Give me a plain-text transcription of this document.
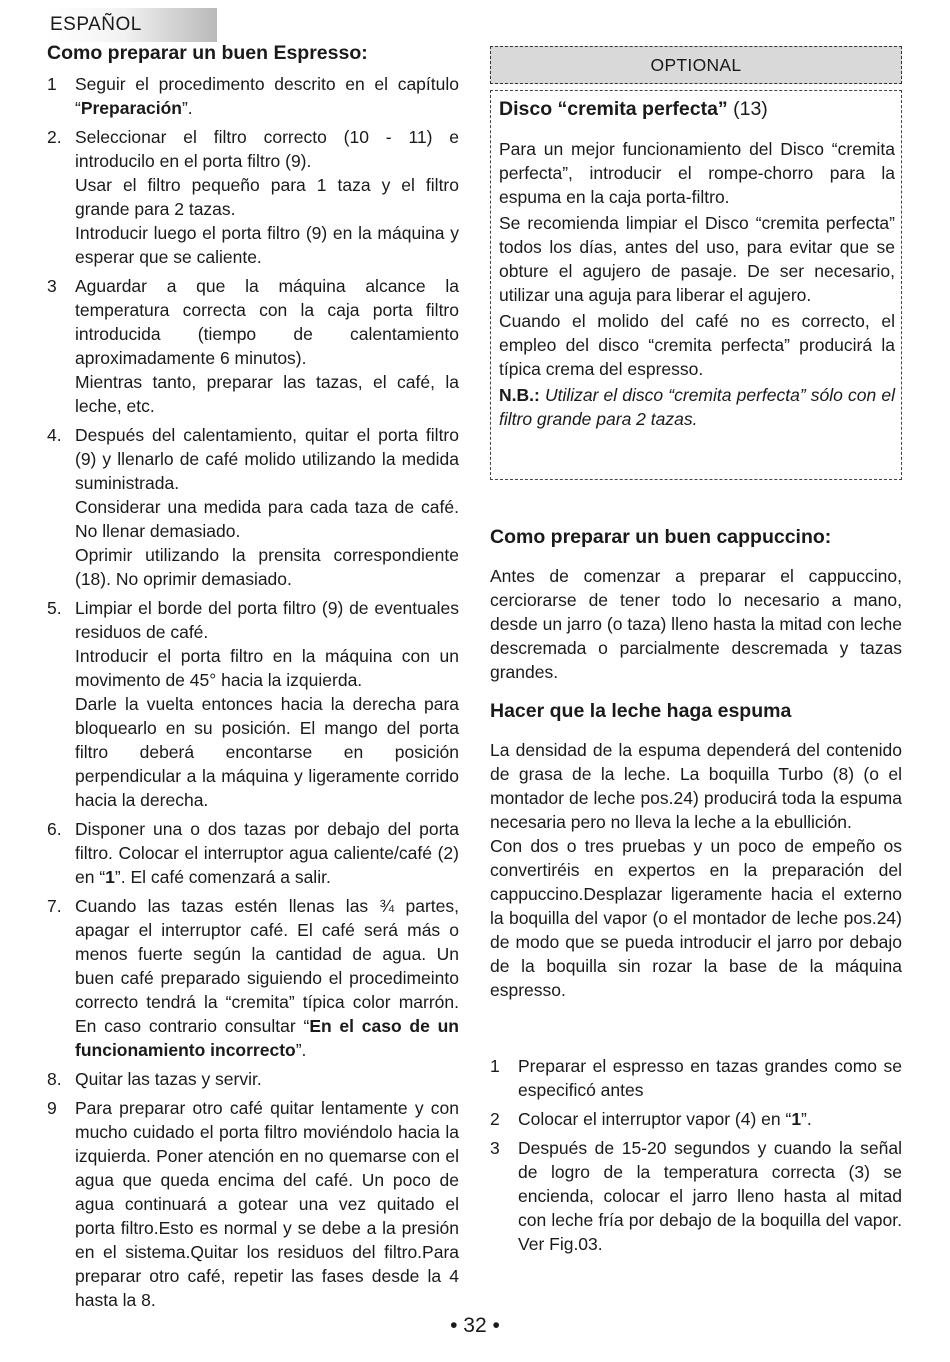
ESPAÑOL
Como preparar un buen Espresso:
1 Seguir el procedimento descrito en el capítulo “Preparación”.

2. Seleccionar el filtro correcto (10 - 11) e introducilo en el porta filtro (9).

Usar el filtro pequeño para 1 taza y el filtro grande para 2 tazas.

Introducir luego el porta filtro (9) en la máquina y esperar que se caliente.

3 Aguardar a que la máquina alcance la temperatura correcta con la caja porta filtro introducida (tiempo de calentamiento aproximadamente 6 minutos).

Mientras tanto, preparar las tazas, el café, la leche, etc.

4. Después del calentamiento, quitar el porta filtro (9) y llenarlo de café molido utilizando la medida suministrada.

Considerar una medida para cada taza de café. No llenar demasiado.

Oprimir utilizando la prensita correspondiente (18). No oprimir demasiado.

5. Limpiar el borde del porta filtro (9) de eventuales residuos de café.

Introducir el porta filtro en la máquina con un movimento de 45° hacia la izquierda.

Darle la vuelta entonces hacia la derecha para bloquearlo en su posición. El mango del porta filtro deberá encontarse en posición perpendicular a la máquina y ligeramente corrido hacia la derecha.

6. Disponer una o dos tazas por debajo del porta filtro. Colocar el interruptor agua caliente/café (2) en “1”. El café comenzará a salir.

7. Cuando las tazas estén llenas las ¾ partes, apagar el interruptor café. El café será más o menos fuerte según la cantidad de agua. Un buen café preparado siguiendo el procedimeinto correcto tendrá la “cremita” típica color marrón. En caso contrario consultar “En el caso de un funcionamiento incorrecto”.

8. Quitar las tazas y servir.

9 Para preparar otro café quitar lentamente y con mucho cuidado el porta filtro moviéndolo hacia la izquierda. Poner atención en no quemarse con el agua que queda encima del café. Un poco de agua continuará a gotear una vez quitado el porta filtro.Esto es normal y se debe a la presión en el sistema.Quitar los residuos del filtro.Para preparar otro café, repetir las fases desde la 4 hasta la 8.

OPTIONAL
Disco “cremita perfecta” (13)

Para un mejor funcionamiento del Disco “cremita perfecta”, introducir el rompe-chorro para la espuma en la caja porta-filtro.

Se recomienda limpiar el Disco “cremita perfecta” todos los días, antes del uso, para evitar que se obture el agujero de pasaje. De ser necesario, utilizar una aguja para liberar el agujero.

Cuando el molido del café no es correcto, el empleo del disco “cremita perfecta” producirá la típica crema del espresso.

N.B.: Utilizar el disco “cremita perfecta” sólo con el filtro grande para 2 tazas.

Como preparar un buen cappuccino:

Antes de comenzar a preparar el cappuccino, cerciorarse de tener todo lo necesario a mano, desde un jarro (o taza) lleno hasta la mitad con leche descremada o parcialmente descremada y tazas grandes.

Hacer que la leche haga espuma

La densidad de la espuma dependerá del contenido de grasa de la leche. La boquilla Turbo (8) (o el montador de leche pos.24) producirá toda la espuma necesaria pero no lleva la leche a la ebullición.

Con dos o tres pruebas y un poco de empeño os convertiréis en expertos en la preparación del cappuccino.Desplazar ligeramente hacia el externo la boquilla del vapor (o el montador de leche pos.24) de modo que se pueda introducir el jarro por debajo de la boquilla sin rozar la base de la máquina espresso.

1 Preparar el espresso en tazas grandes como se especificó antes

2 Colocar el interruptor vapor (4) en “1”.

3 Después de 15-20 segundos y cuando la señal de logro de la temperatura correcta (3) se encienda, colocar el jarro lleno hasta al mitad con leche fría por debajo de la boquilla del vapor. Ver Fig.03.

• 32 •
